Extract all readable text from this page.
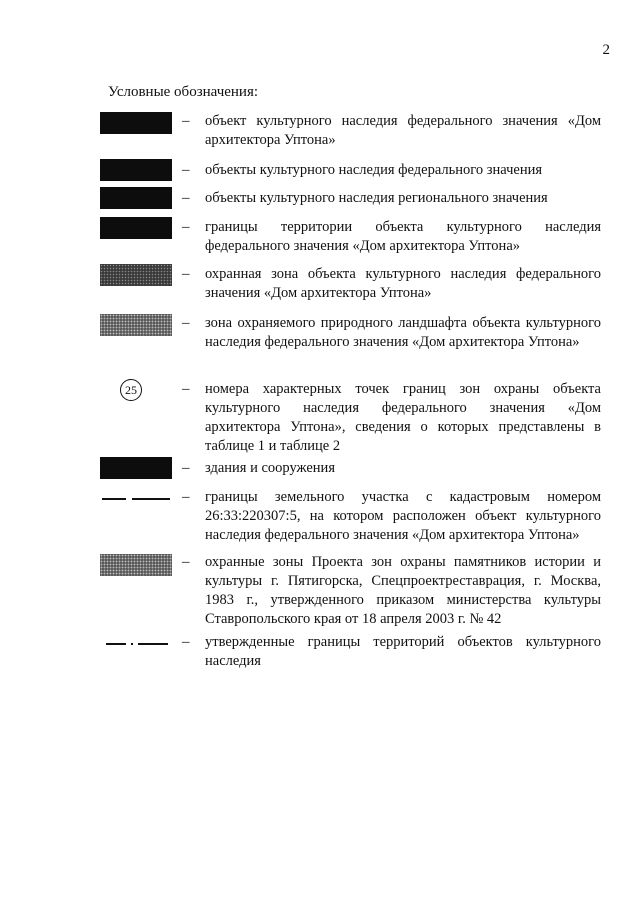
2
Условные обозначения:
– объект культурного наследия федерального значения «Дом архитектора Уптона»
– объекты культурного наследия федерального значения
– объекты культурного наследия регионального значения
– границы территории объекта культурного наследия федерального значения «Дом архитектора Уптона»
– охранная зона объекта культурного наследия федерального значения «Дом архитектора Уптона»
– зона охраняемого природного ландшафта объекта культурного наследия федерального значения «Дом архитектора Уптона»
25	– номера характерных точек границ зон охраны объекта культурного наследия федерального значения «Дом архитектора Уптона», сведения о которых представлены в таблице 1 и таблице 2
– здания и сооружения
– границы земельного участка с кадастровым номером 26:33:220307:5, на котором расположен объект культурного наследия федерального значения «Дом архитектора Уптона»
– охранные зоны Проекта зон охраны памятников истории и культуры г. Пятигорска, Спецпроектреставрация, г. Москва, 1983 г., утвержденного приказом министерства культуры Ставропольского края от 18 апреля 2003 г. № 42
– утвержденные границы территорий объектов культурного наследия
